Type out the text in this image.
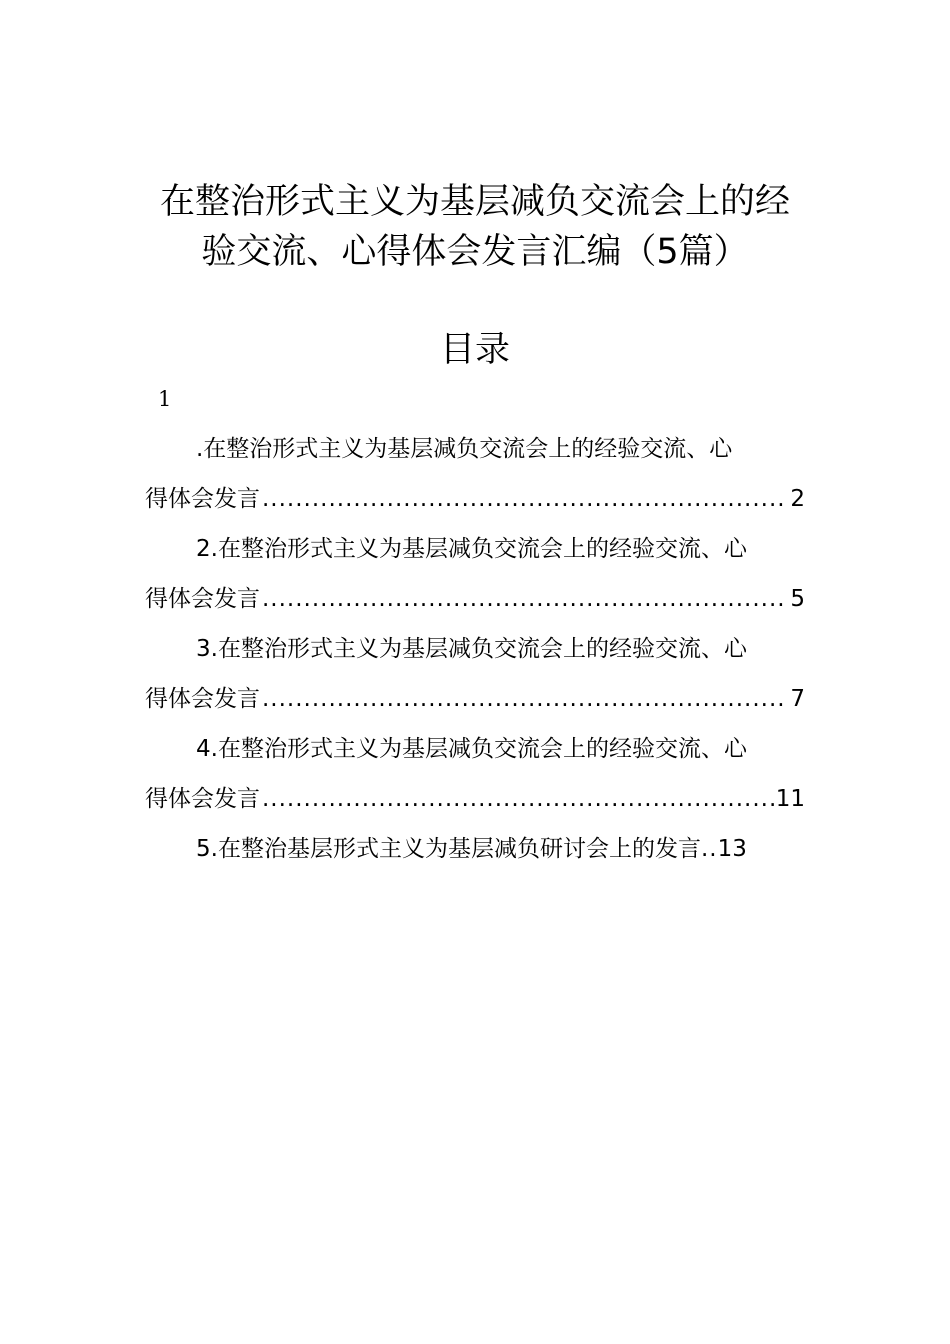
在整治形式主义为基层减负交流会上的经
验交流、心得体会发言汇编（5篇）
目录
1
.在整治形式主义为基层减负交流会上的经验交流、心
得体会发言 .....	2
2.在整治形式主义为基层减负交流会上的经验交流、心
得体会发言 .....	5
3.在整治形式主义为基层减负交流会上的经验交流、心
得体会发言 .....	7
4.在整治形式主义为基层减负交流会上的经验交流、心
得体会发言 .....	11
5.在整治基层形式主义为基层减负研讨会上的发言 .. 13
